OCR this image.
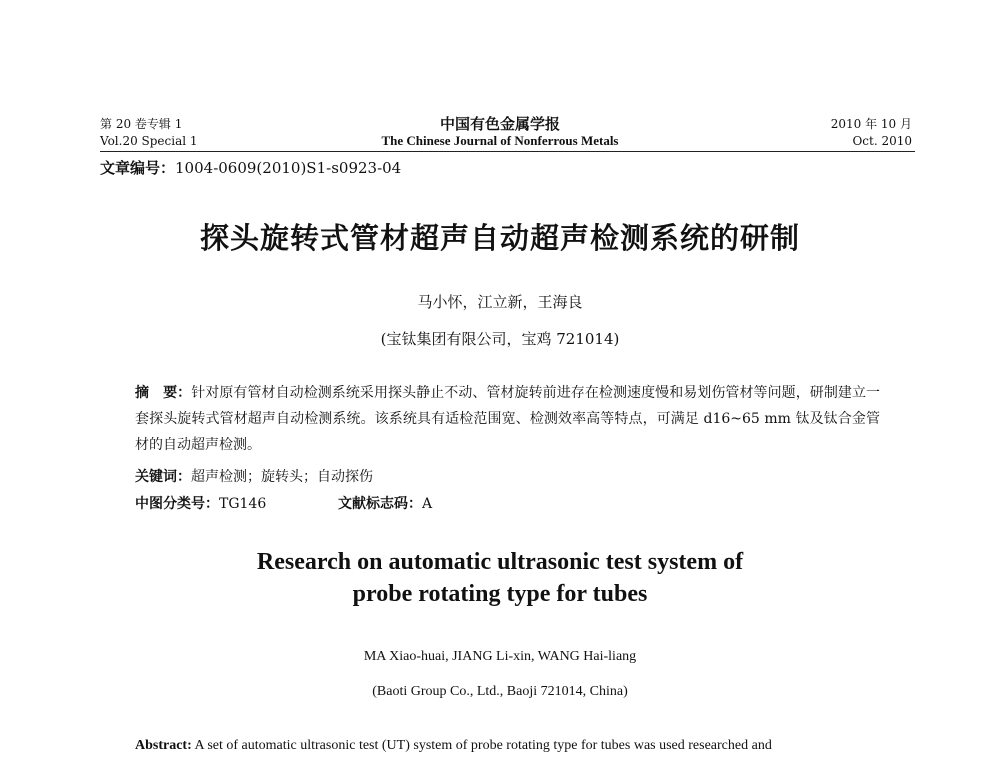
第 20 卷专辑 1
Vol.20 Special 1
中国有色金属学报
The Chinese Journal of Nonferrous Metals
2010 年 10 月
Oct. 2010
文章编号：1004-0609(2010)S1-s0923-04
探头旋转式管材超声自动超声检测系统的研制
马小怀，江立新，王海良
(宝钛集团有限公司，宝鸡 721014)
摘　要：针对原有管材自动检测系统采用探头静止不动、管材旋转前进存在检测速度慢和易划伤管材等问题，研制建立一套探头旋转式管材超声自动检测系统。该系统具有适检范围宽、检测效率高等特点，可满足 d16~65 mm 钛及钛合金管材的自动超声检测。
关键词：超声检测；旋转头；自动探伤
中图分类号：TG146	文献标志码：A
Research on automatic ultrasonic test system of
probe rotating type for tubes
MA Xiao-huai, JIANG Li-xin, WANG Hai-liang
(Baoti Group Co., Ltd., Baoji 721014, China)
Abstract: A set of automatic ultrasonic test (UT) system of probe rotating type for tubes was used researched and
